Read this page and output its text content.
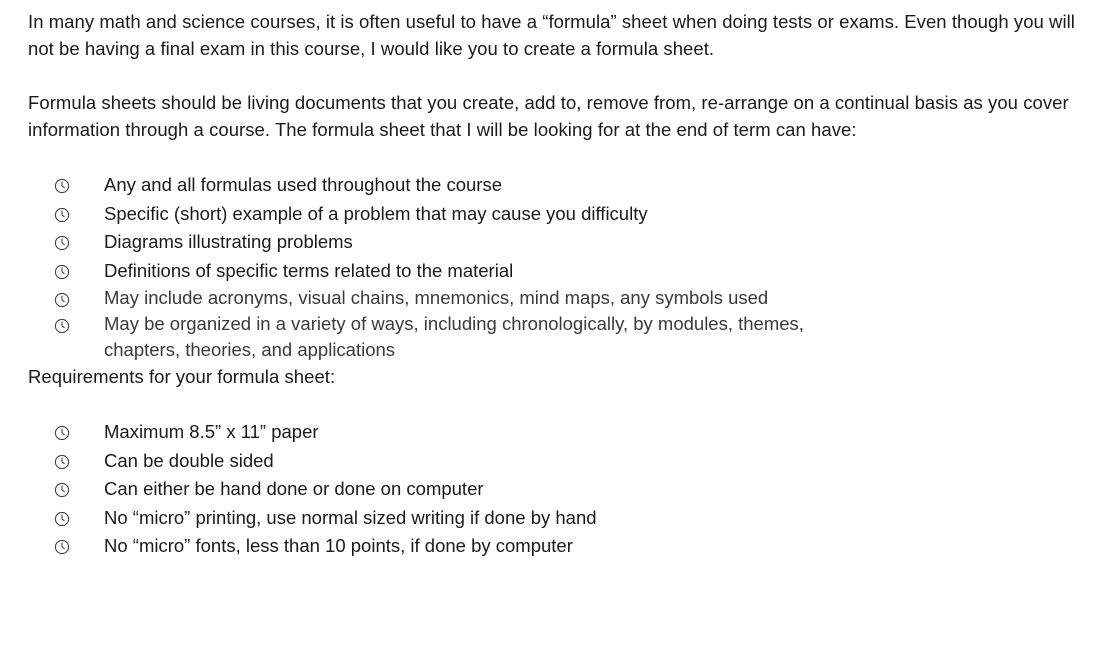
In many math and science courses, it is often useful to have a “formula” sheet when doing tests or exams. Even though you will not be having a final exam in this course, I would like you to create a formula sheet.

Formula sheets should be living documents that you create, add to, remove from, re-arrange on a continual basis as you cover information through a course. The formula sheet that I will be looking for at the end of term can have:

Any and all formulas used throughout the course
Specific (short) example of a problem that may cause you difficulty
Diagrams illustrating problems
Definitions of specific terms related to the material
May include acronyms, visual chains, mnemonics, mind maps, any symbols used
May be organized in a variety of ways, including chronologically, by modules, themes, chapters, theories, and applications

Requirements for your formula sheet:

Maximum 8.5” x 11” paper
Can be double sided
Can either be hand done or done on computer
No “micro” printing, use normal sized writing if done by hand
No “micro” fonts, less than 10 points, if done by computer
